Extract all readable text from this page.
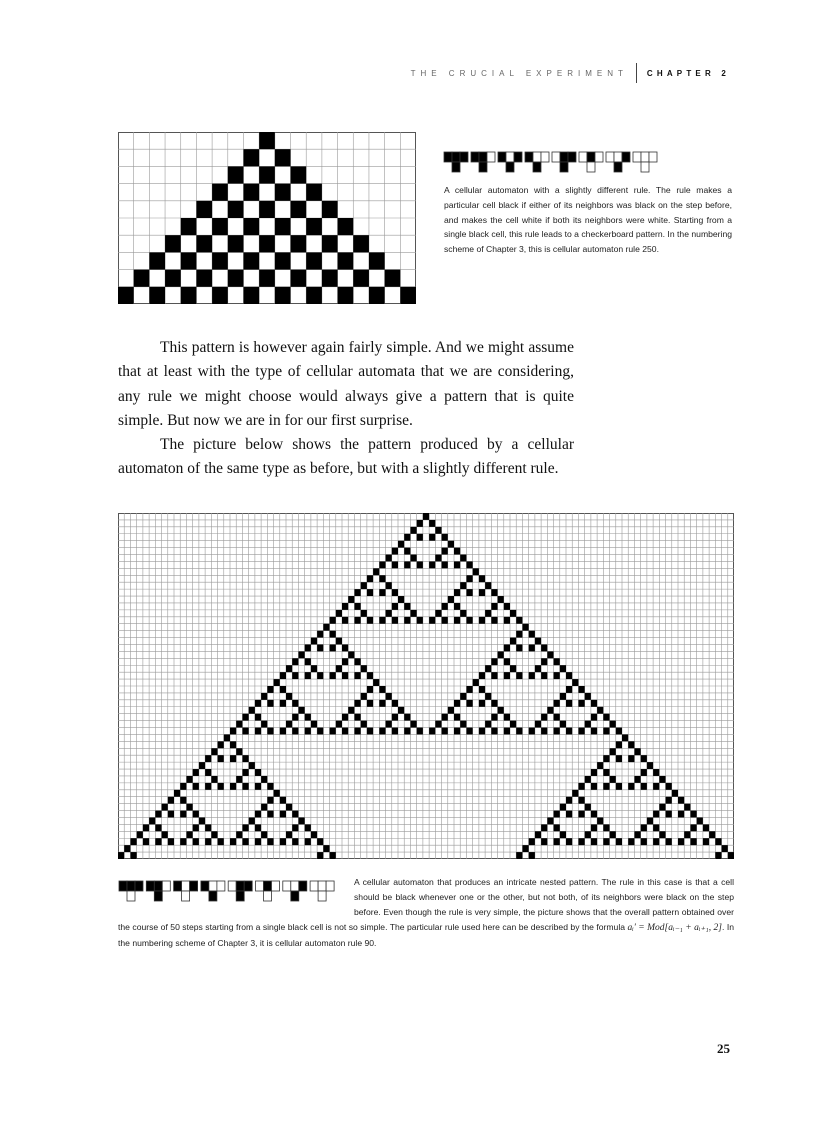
THE CRUCIAL EXPERIMENT CHAPTER 2
A cellular automaton with a slightly different rule. The rule makes a particular cell black if either of its neighbors was black on the step before, and makes the cell white if both its neighbors were white. Starting from a single black cell, this rule leads to a checkerboard pattern. In the numbering scheme of Chapter 3, this is cellular automaton rule 250.

This pattern is however again fairly simple. And we might assume that at least with the type of cellular automata that we are considering, any rule we might choose would always give a pattern that is quite simple. But now we are in for our first surprise.

The picture below shows the pattern produced by a cellular automaton of the same type as before, but with a slightly different rule.

A cellular automaton that produces an intricate nested pattern. The rule in this case is that a cell should be black whenever one or the other, but not both, of its neighbors were black on the step before. Even though the rule is very simple, the picture shows that the overall pattern obtained over the course of 50 steps starting from a single black cell is not so simple. The particular rule used here can be described by the formula aᵢ′ = Mod[aᵢ₋₁ + aᵢ₊₁, 2]. In the numbering scheme of Chapter 3, it is cellular automaton rule 90.
25
